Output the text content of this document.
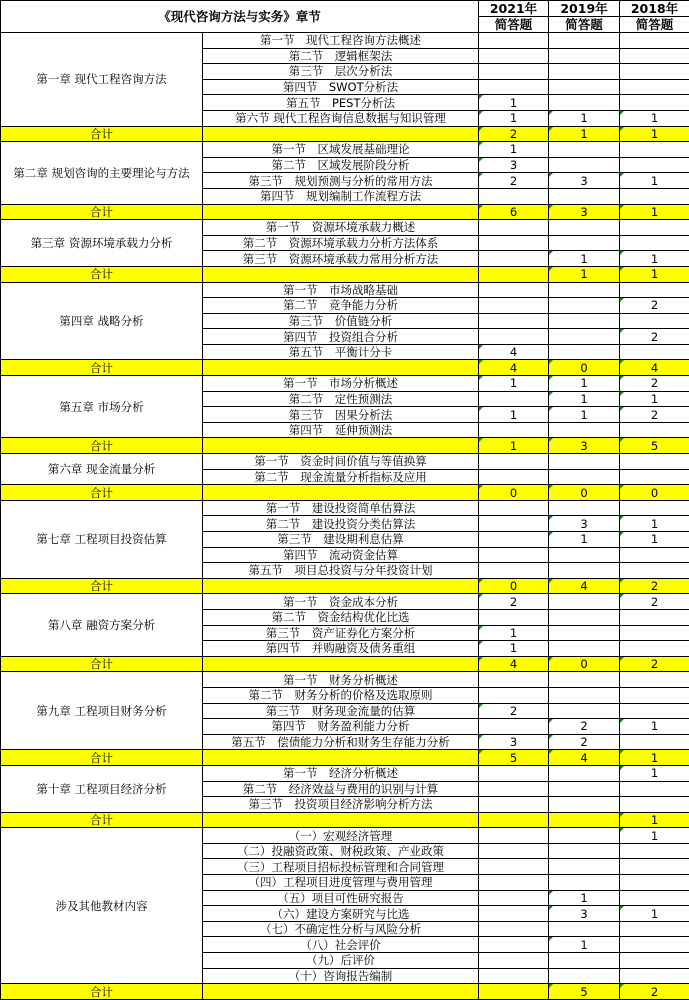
《现代咨询方法与实务》章节		2021年	2019年	2018年
		简答题	简答题	简答题
第一章 现代工程咨询方法	第一节　现代工程咨询方法概述			
	第二节　逻辑框架法			
	第三节　层次分析法			
	第四节　SWOT分析法			
	第五节　PEST分析法	1		
	第六节 现代工程咨询信息数据与知识管理	1	1	1
合计		2	1	1
第二章 规划咨询的主要理论与方法	第一节　区域发展基础理论	1		
	第二节　区域发展阶段分析	3		
	第三节　规划预测与分析的常用方法	2	3	1
	第四节　规划编制工作流程方法			
合计		6	3	1
第三章 资源环境承载力分析	第一节　资源环境承载力概述			
	第二节　资源环境承载力分析方法体系			
	第三节　资源环境承载力常用分析方法		1	1
合计			1	1
第四章 战略分析	第一节　市场战略基础			
	第二节　竞争能力分析			2
	第三节　价值链分析			
	第四节　投资组合分析			2
	第五节　平衡计分卡	4		
合计		4	0	4
第五章 市场分析	第一节　市场分析概述	1	1	2
	第二节　定性预测法		1	1
	第三节　因果分析法	1	1	2
	第四节　延伸预测法			
合计		1	3	5
第六章 现金流量分析	第一节　资金时间价值与等值换算			
	第二节　现金流量分析指标及应用			
合计		0	0	0
第七章 工程项目投资估算	第一节　建设投资简单估算法			
	第二节　建设投资分类估算法		3	1
	第三节　建设期利息估算		1	1
	第四节　流动资金估算			
	第五节　项目总投资与分年投资计划			
合计		0	4	2
第八章 融资方案分析	第一节　资金成本分析	2		2
	第二节　资金结构优化比选			
	第三节　资产证券化方案分析	1		
	第四节　并购融资及债务重组	1		
合计		4	0	2
第九章 工程项目财务分析	第一节　财务分析概述			
	第二节　财务分析的价格及选取原则			
	第三节　财务现金流量的估算	2		
	第四节　财务盈利能力分析		2	1
	第五节　偿债能力分析和财务生存能力分析	3	2	
合计		5	4	1
第十章 工程项目经济分析	第一节　经济分析概述			1
	第二节　经济效益与费用的识别与计算			
	第三节　投资项目经济影响分析方法			
合计				1
涉及其他教材内容	（一）宏观经济管理			1
	（二）投融资政策、财税政策、产业政策			
	（三）工程项目招标投标管理和合同管理			
	（四）工程项目进度管理与费用管理			
	（五）项目可性研究报告		1	
	（六）建设方案研究与比选		3	1
	（七）不确定性分析与风险分析			
	（八）社会评价		1	
	（九）后评价			
	（十）咨询报告编制			
合计			5	2
